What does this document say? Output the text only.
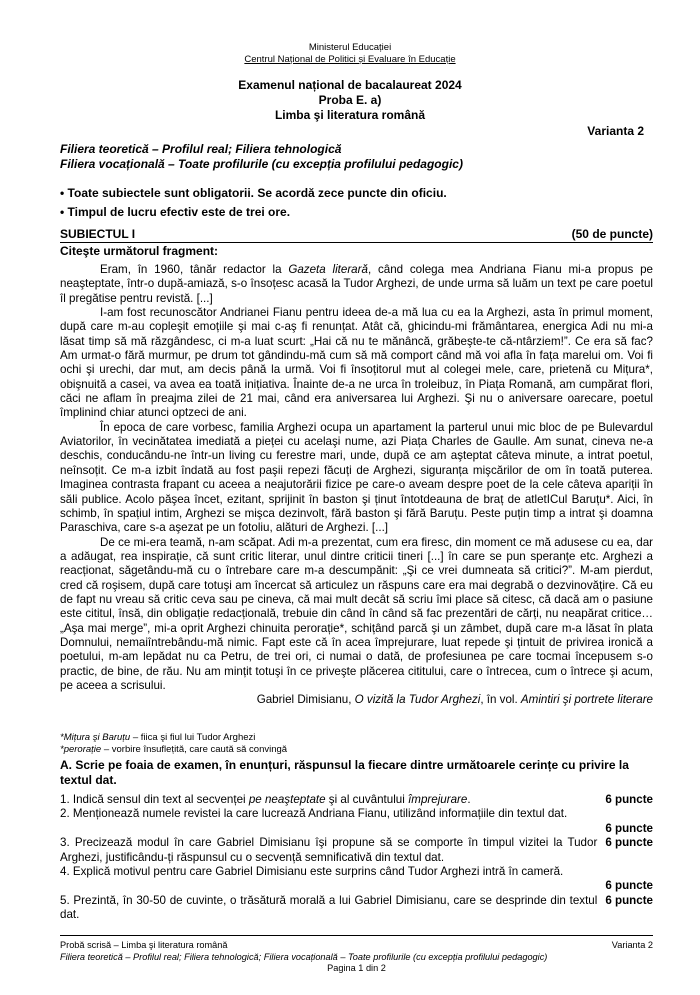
Ministerul Educației
Centrul Național de Politici și Evaluare în Educație
Examenul național de bacalaureat 2024
Proba E. a)
Limba şi literatura română
Varianta 2
Filiera teoretică – Profilul real; Filiera tehnologică
Filiera vocațională – Toate profilurile (cu excepția profilului pedagogic)
• Toate subiectele sunt obligatorii. Se acordă zece puncte din oficiu.
• Timpul de lucru efectiv este de trei ore.
SUBIECTUL I	(50 de puncte)
Citeşte următorul fragment:

Eram, în 1960, tânăr redactor la Gazeta literară, când colega mea Andriana Fianu mi-a propus pe neaşteptate, într-o după-amiază, s-o însoțesc acasă la Tudor Arghezi, de unde urma să luăm un text pe care poetul îl pregătise pentru revistă. [...]

I-am fost recunoscător Andrianei Fianu pentru ideea de-a mă lua cu ea la Arghezi, asta în primul moment, după care m-au copleşit emoțiile şi mai c-aş fi renunțat. Atât că, ghicindu-mi frământarea, energica Adi nu mi-a lăsat timp să mă răzgândesc, ci m-a luat scurt: „Hai că nu te mănâncă, grăbeşte-te că-ntârziem!”. Ce era să fac? Am urmat-o fără murmur, pe drum tot gândindu-mă cum să mă comport când mă voi afla în fața marelui om. Voi fi ochi şi urechi, dar mut, am decis până la urmă. Voi fi însoțitorul mut al colegei mele, care, prietenă cu Mițura*, obişnuită a casei, va avea ea toată inițiativa. Înainte de-a ne urca în troleibuz, în Piața Romană, am cumpărat flori, căci ne aflam în preajma zilei de 21 mai, când era aniversarea lui Arghezi. Şi nu o aniversare oarecare, poetul împlinind chiar atunci optzeci de ani.

În epoca de care vorbesc, familia Arghezi ocupa un apartament la parterul unui mic bloc de pe Bulevardul Aviatorilor, în vecinătatea imediată a pieței cu acelaşi nume, azi Piața Charles de Gaulle. Am sunat, cineva ne-a deschis, conducându-ne într-un living cu ferestre mari, unde, după ce am aşteptat câteva minute, a intrat poetul, neînsoțit. Ce m-a izbit îndată au fost paşii repezi făcuți de Arghezi, siguranța mişcărilor de om în toată puterea. Imaginea contrasta frapant cu aceea a neajutorării fizice pe care-o aveam despre poet de la cele câteva apariții în săli publice. Acolo păşea încet, ezitant, sprijinit în baston şi ținut întotdeauna de braț de atletICul Baruțu*. Aici, în schimb, în spațiul intim, Arghezi se mişca dezinvolt, fără baston şi fără Baruțu. Peste puțin timp a intrat şi doamna Paraschiva, care s-a aşezat pe un fotoliu, alături de Arghezi. [...]

De ce mi-era teamă, n-am scăpat. Adi m-a prezentat, cum era firesc, din moment ce mă adusese cu ea, dar a adăugat, rea inspirație, că sunt critic literar, unul dintre criticii tineri [...] în care se pun speranțe etc. Arghezi a reacționat, săgetându-mă cu o întrebare care m-a descumpănit: „Şi ce vrei dumneata să critici?”. M-am pierdut, cred că roşisem, după care totuşi am încercat să articulez un răspuns care era mai degrabă o dezvinovățire. Că eu de fapt nu vreau să critic ceva sau pe cineva, că mai mult decât să scriu îmi place să citesc, că dacă am o pasiune este cititul, însă, din obligație redacțională, trebuie din când în când să fac prezentări de cărți, nu neapărat critice… „Aşa mai merge”, mi-a oprit Arghezi chinuita perorație*, schițând parcă şi un zâmbet, după care m-a lăsat în plata Domnului, nemaiîntrebându-mă nimic. Fapt este că în acea împrejurare, luat repede şi țintuit de privirea ironică a poetului, m-am lepădat nu ca Petru, de trei ori, ci numai o dată, de profesiunea pe care tocmai începusem s-o practic, de bine, de rău. Nu am mințit totuşi în ce priveşte plăcerea cititului, care o întrecea, cum o întrece şi acum, pe aceea a scrisului.

Gabriel Dimisianu, O vizită la Tudor Arghezi, în vol. Amintiri şi portrete literare

*Mițura şi Baruțu – fiica şi fiul lui Tudor Arghezi
*perorație – vorbire însuflețită, care caută să convingă
A. Scrie pe foaia de examen, în enunțuri, răspunsul la fiecare dintre următoarele cerințe cu privire la textul dat.

6 puncte
1. Indică sensul din text al secvenței pe neaşteptate şi al cuvântului împrejurare.

2. Menționează numele revistei la care lucrează Andriana Fianu, utilizând informațiile din textul dat.

6 puncte

6 puncte
3. Precizează modul în care Gabriel Dimisianu îşi propune să se comporte în timpul vizitei la Tudor Arghezi, justificându-ți răspunsul cu o secvență semnificativă din textul dat.

4. Explică motivul pentru care Gabriel Dimisianu este surprins când Tudor Arghezi intră în cameră.

6 puncte

6 puncte
5. Prezintă, în 30-50 de cuvinte, o trăsătură morală a lui Gabriel Dimisianu, care se desprinde din textul dat.

Probă scrisă – Limba şi literatura română	Varianta 2
Filiera teoretică – Profilul real; Filiera tehnologică; Filiera vocațională – Toate profilurile (cu excepția profilului pedagogic)
Pagina 1 din 2
